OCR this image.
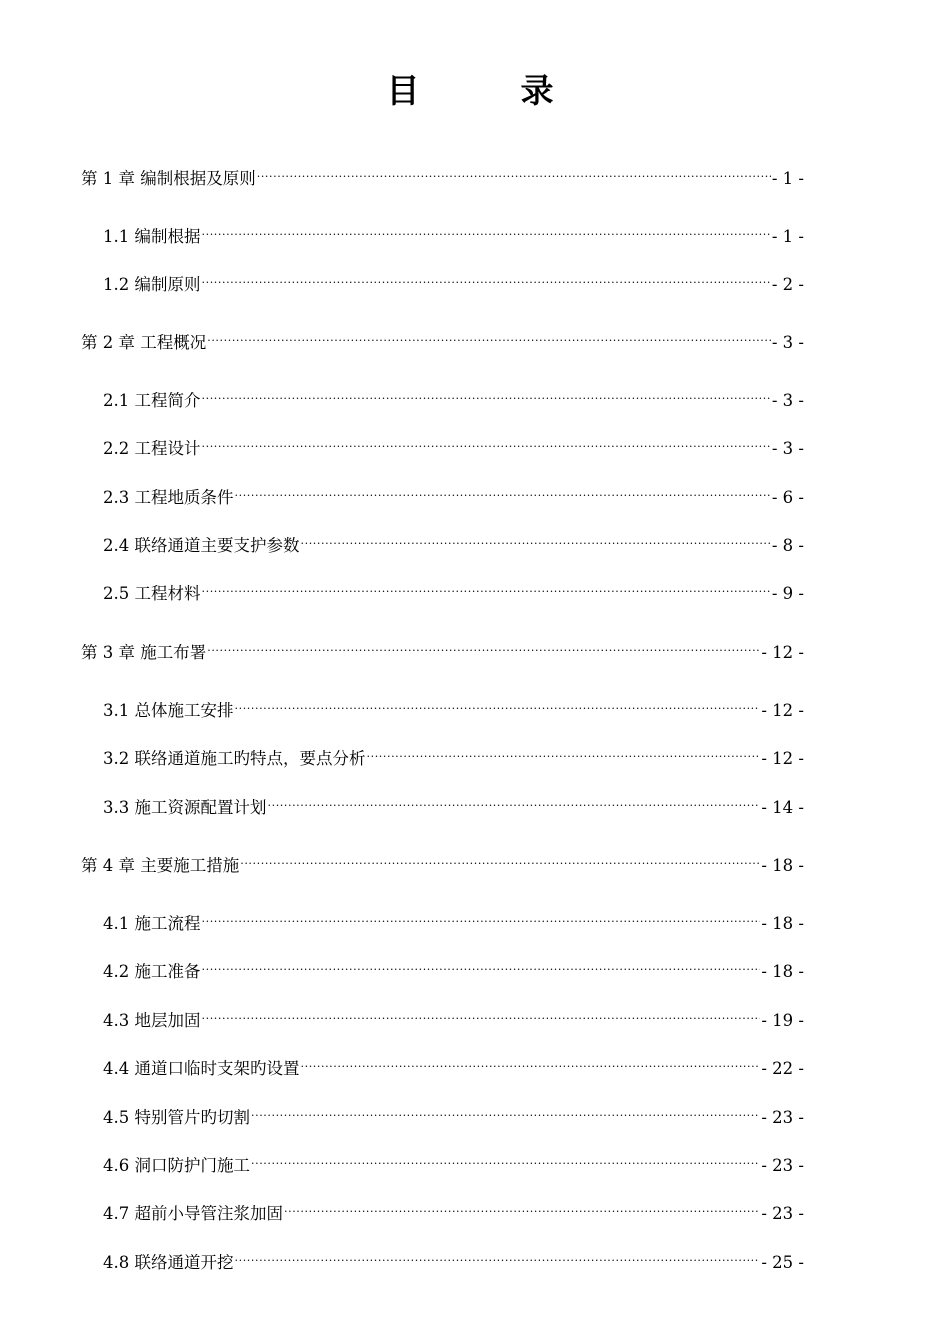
目　录
第 1 章 编制根据及原则 .....	- 1 -
1.1 编制根据 .....	- 1 -
1.2 编制原则 .....	- 2 -
第 2 章 工程概况 .....	- 3 -
2.1 工程简介 .....	- 3 -
2.2 工程设计 .....	- 3 -
2.3 工程地质条件 .....	- 6 -
2.4 联络通道主要支护参数 .....	- 8 -
2.5 工程材料 .....	- 9 -
第 3 章 施工布署 .....	- 12 -
3.1 总体施工安排 .....	- 12 -
3.2 联络通道施工旳特点，要点分析 .....	- 12 -
3.3 施工资源配置计划 .....	- 14 -
第 4 章 主要施工措施 .....	- 18 -
4.1 施工流程 .....	- 18 -
4.2 施工准备 .....	- 18 -
4.3 地层加固 .....	- 19 -
4.4 通道口临时支架旳设置 .....	- 22 -
4.5 特别管片旳切割 .....	- 23 -
4.6 洞口防护门施工 .....	- 23 -
4.7 超前小导管注浆加固 .....	- 23 -
4.8 联络通道开挖 .....	- 25 -
